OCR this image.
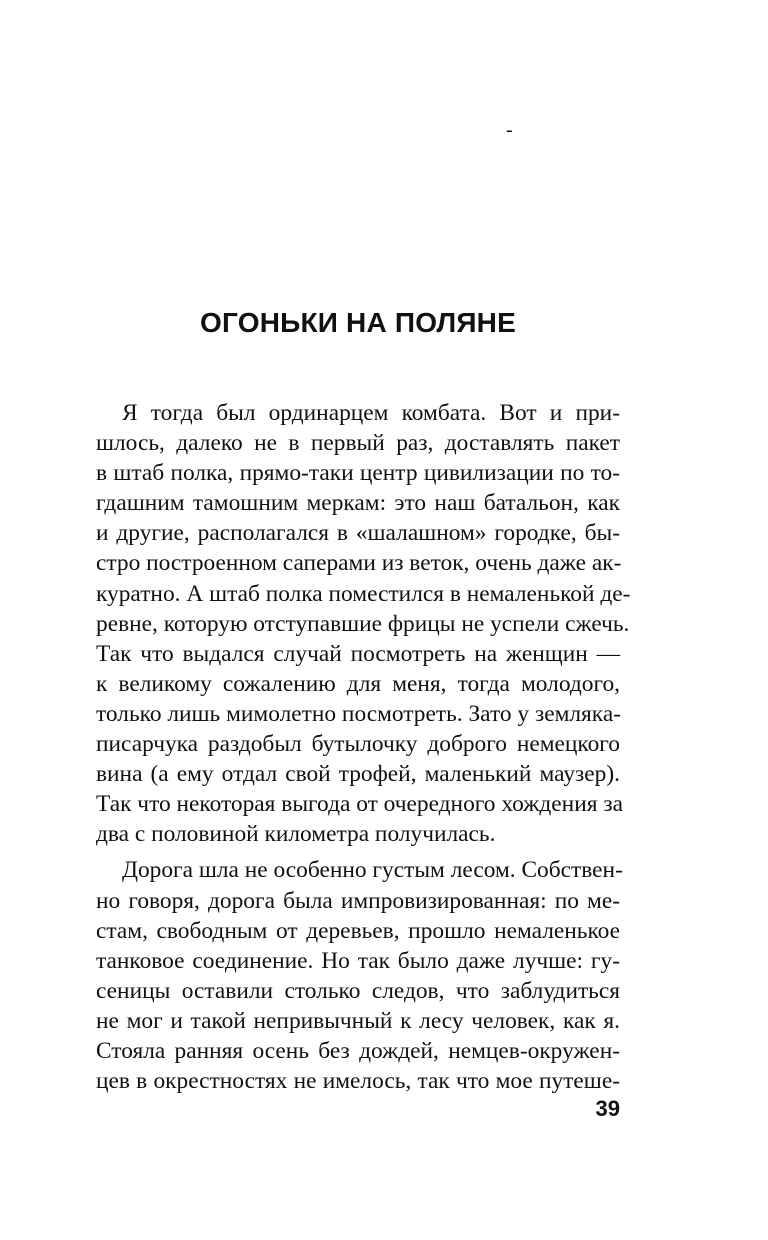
-
ОГОНЬКИ НА ПОЛЯНЕ
Я тогда был ординарцем комбата. Вот и при-
шлось, далеко не в первый раз, доставлять пакет
в штаб полка, прямо-таки центр цивилизации по то-
гдашним тамошним меркам: это наш батальон, как
и другие, располагался в «шалашном» городке, бы-
стро построенном саперами из веток, очень даже ак-
куратно. А штаб полка поместился в немаленькой де-
ревне, которую отступавшие фрицы не успели сжечь.
Так что выдался случай посмотреть на женщин —
к великому сожалению для меня, тогда молодого,
только лишь мимолетно посмотреть. Зато у земляка-
писарчука раздобыл бутылочку доброго немецкого
вина (а ему отдал свой трофей, маленький маузер).
Так что некоторая выгода от очередного хождения за
два с половиной километра получилась.
Дорога шла не особенно густым лесом. Собствен-
но говоря, дорога была импровизированная: по ме-
стам, свободным от деревьев, прошло немаленькое
танковое соединение. Но так было даже лучше: гу-
сеницы оставили столько следов, что заблудиться
не мог и такой непривычный к лесу человек, как я.
Стояла ранняя осень без дождей, немцев-окружен-
цев в окрестностях не имелось, так что мое путеше-
39
